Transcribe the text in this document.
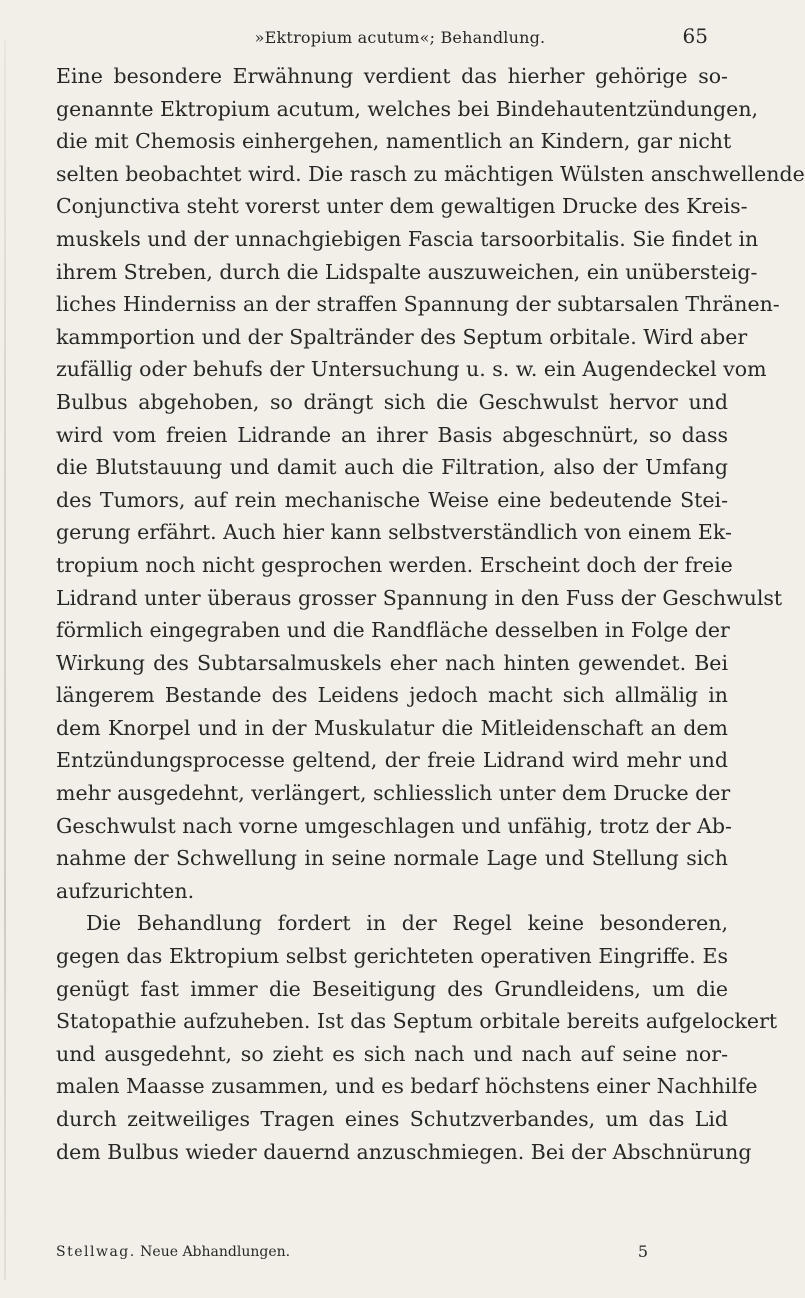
»Ektropium acutum«; Behandlung.	65
Eine besondere Erwähnung verdient das hierher gehörige so-
genannte Ektropium acutum, welches bei Bindehautentzündungen,
die mit Chemosis einhergehen, namentlich an Kindern, gar nicht
selten beobachtet wird. Die rasch zu mächtigen Wülsten anschwellende
Conjunctiva steht vorerst unter dem gewaltigen Drucke des Kreis-
muskels und der unnachgiebigen Fascia tarsoorbitalis. Sie findet in
ihrem Streben, durch die Lidspalte auszuweichen, ein unübersteig-
liches Hinderniss an der straffen Spannung der subtarsalen Thränen-
kammportion und der Spaltränder des Septum orbitale. Wird aber
zufällig oder behufs der Untersuchung u. s. w. ein Augendeckel vom
Bulbus abgehoben, so drängt sich die Geschwulst hervor und
wird vom freien Lidrande an ihrer Basis abgeschnürt, so dass
die Blutstauung und damit auch die Filtration, also der Umfang
des Tumors, auf rein mechanische Weise eine bedeutende Stei-
gerung erfährt. Auch hier kann selbstverständlich von einem Ek-
tropium noch nicht gesprochen werden. Erscheint doch der freie
Lidrand unter überaus grosser Spannung in den Fuss der Geschwulst
förmlich eingegraben und die Randfläche desselben in Folge der
Wirkung des Subtarsalmuskels eher nach hinten gewendet. Bei
längerem Bestande des Leidens jedoch macht sich allmälig in
dem Knorpel und in der Muskulatur die Mitleidenschaft an dem
Entzündungsprocesse geltend, der freie Lidrand wird mehr und
mehr ausgedehnt, verlängert, schliesslich unter dem Drucke der
Geschwulst nach vorne umgeschlagen und unfähig, trotz der Ab-
nahme der Schwellung in seine normale Lage und Stellung sich
aufzurichten.
Die Behandlung fordert in der Regel keine besonderen,
gegen das Ektropium selbst gerichteten operativen Eingriffe. Es
genügt fast immer die Beseitigung des Grundleidens, um die
Statopathie aufzuheben. Ist das Septum orbitale bereits aufgelockert
und ausgedehnt, so zieht es sich nach und nach auf seine nor-
malen Maasse zusammen, und es bedarf höchstens einer Nachhilfe
durch zeitweiliges Tragen eines Schutzverbandes, um das Lid
dem Bulbus wieder dauernd anzuschmiegen. Bei der Abschnürung
Stellwag. Neue Abhandlungen.	5
